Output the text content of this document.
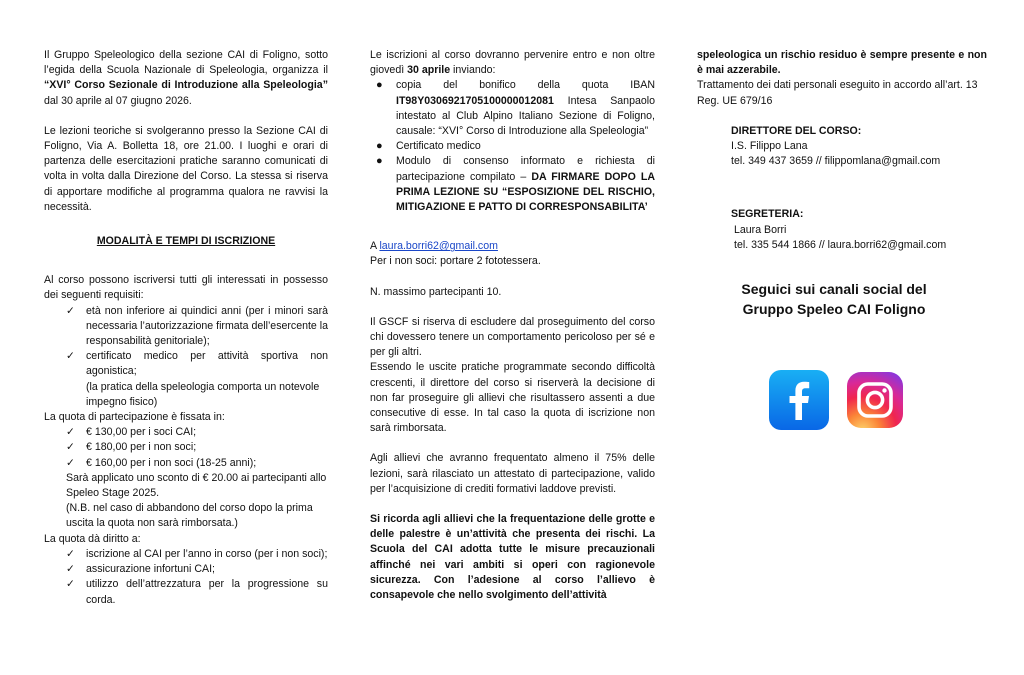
Il Gruppo Speleologico della sezione CAI di Foligno, sotto l’egida della Scuola Nazionale di Speleologia, organizza il “XVI° Corso Sezionale di Introduzione alla Speleologia” dal 30 aprile al 07 giugno 2026.

Le lezioni teoriche si svolgeranno presso la Sezione CAI di Foligno, Via A. Bolletta 18, ore 21.00. I luoghi e orari di partenza delle esercitazioni pratiche saranno comunicati di volta in volta dalla Direzione del Corso. La stessa si riserva di apportare modifiche al programma qualora ne ravvisi la necessità.

MODALITÀ E TEMPI DI ISCRIZIONE

Al corso possono iscriversi tutti gli interessati in possesso dei seguenti requisiti:

✓ età non inferiore ai quindici anni (per i minori sarà necessaria l’autorizzazione firmata dell’esercente la responsabilità genitoriale);
✓ certificato medico per attività sportiva non agonistica;

(la pratica della speleologia comporta un notevole impegno fisico)

La quota di partecipazione è fissata in:

✓ € 130,00 per i soci CAI;
✓ € 180,00 per i non soci;
✓ € 160,00 per i non soci (18-25 anni);

Sarà applicato uno sconto di € 20.00 ai partecipanti allo Speleo Stage 2025.

(N.B. nel caso di abbandono del corso dopo la prima uscita la quota non sarà rimborsata.)

La quota dà diritto a:

✓ iscrizione al CAI per l’anno in corso (per i non soci);
✓ assicurazione infortuni CAI;
✓ utilizzo dell’attrezzatura per la progressione su corda.

Le iscrizioni al corso dovranno pervenire entro e non oltre giovedì 30 aprile inviando:

● copia del bonifico della quota IBAN IT98Y0306921705100000012081 Intesa Sanpaolo intestato al Club Alpino Italiano Sezione di Foligno, causale: “XVI° Corso di Introduzione alla Speleologia”
● Certificato medico
● Modulo di consenso informato e richiesta di partecipazione compilato – DA FIRMARE DOPO LA PRIMA LEZIONE SU “ESPOSIZIONE DEL RISCHIO, MITIGAZIONE E PATTO DI CORRESPONSABILITA’

A laura.borri62@gmail.com

Per i non soci: portare 2 fototessera.

N. massimo partecipanti 10.

Il GSCF si riserva di escludere dal proseguimento del corso chi dovessero tenere un comportamento pericoloso per sé e per gli altri.

Essendo le uscite pratiche programmate secondo difficoltà crescenti, il direttore del corso si riserverà la decisione di non far proseguire gli allievi che risultassero assenti a due consecutive di esse. In tal caso la quota di iscrizione non sarà rimborsata.

Agli allievi che avranno frequentato almeno il 75% delle lezioni, sarà rilasciato un attestato di partecipazione, valido per l’acquisizione di crediti formativi laddove previsti.

Si ricorda agli allievi che la frequentazione delle grotte e delle palestre è un’attività che presenta dei rischi. La Scuola del CAI adotta tutte le misure precauzionali affinché nei vari ambiti si operi con ragionevole sicurezza. Con l’adesione al corso l’allievo è consapevole che nello svolgimento dell’attività

speleologica un rischio residuo è sempre presente e non è mai azzerabile.

Trattamento dei dati personali eseguito in accordo all’art. 13 Reg. UE 679/16

DIRETTORE DEL CORSO:

I.S. Filippo Lana

tel. 349 437 3659 // filippomlana@gmail.com

SEGRETERIA:

Laura Borri

tel. 335 544 1866 // laura.borri62@gmail.com

Seguici sui canali social del

Gruppo Speleo CAI Foligno
